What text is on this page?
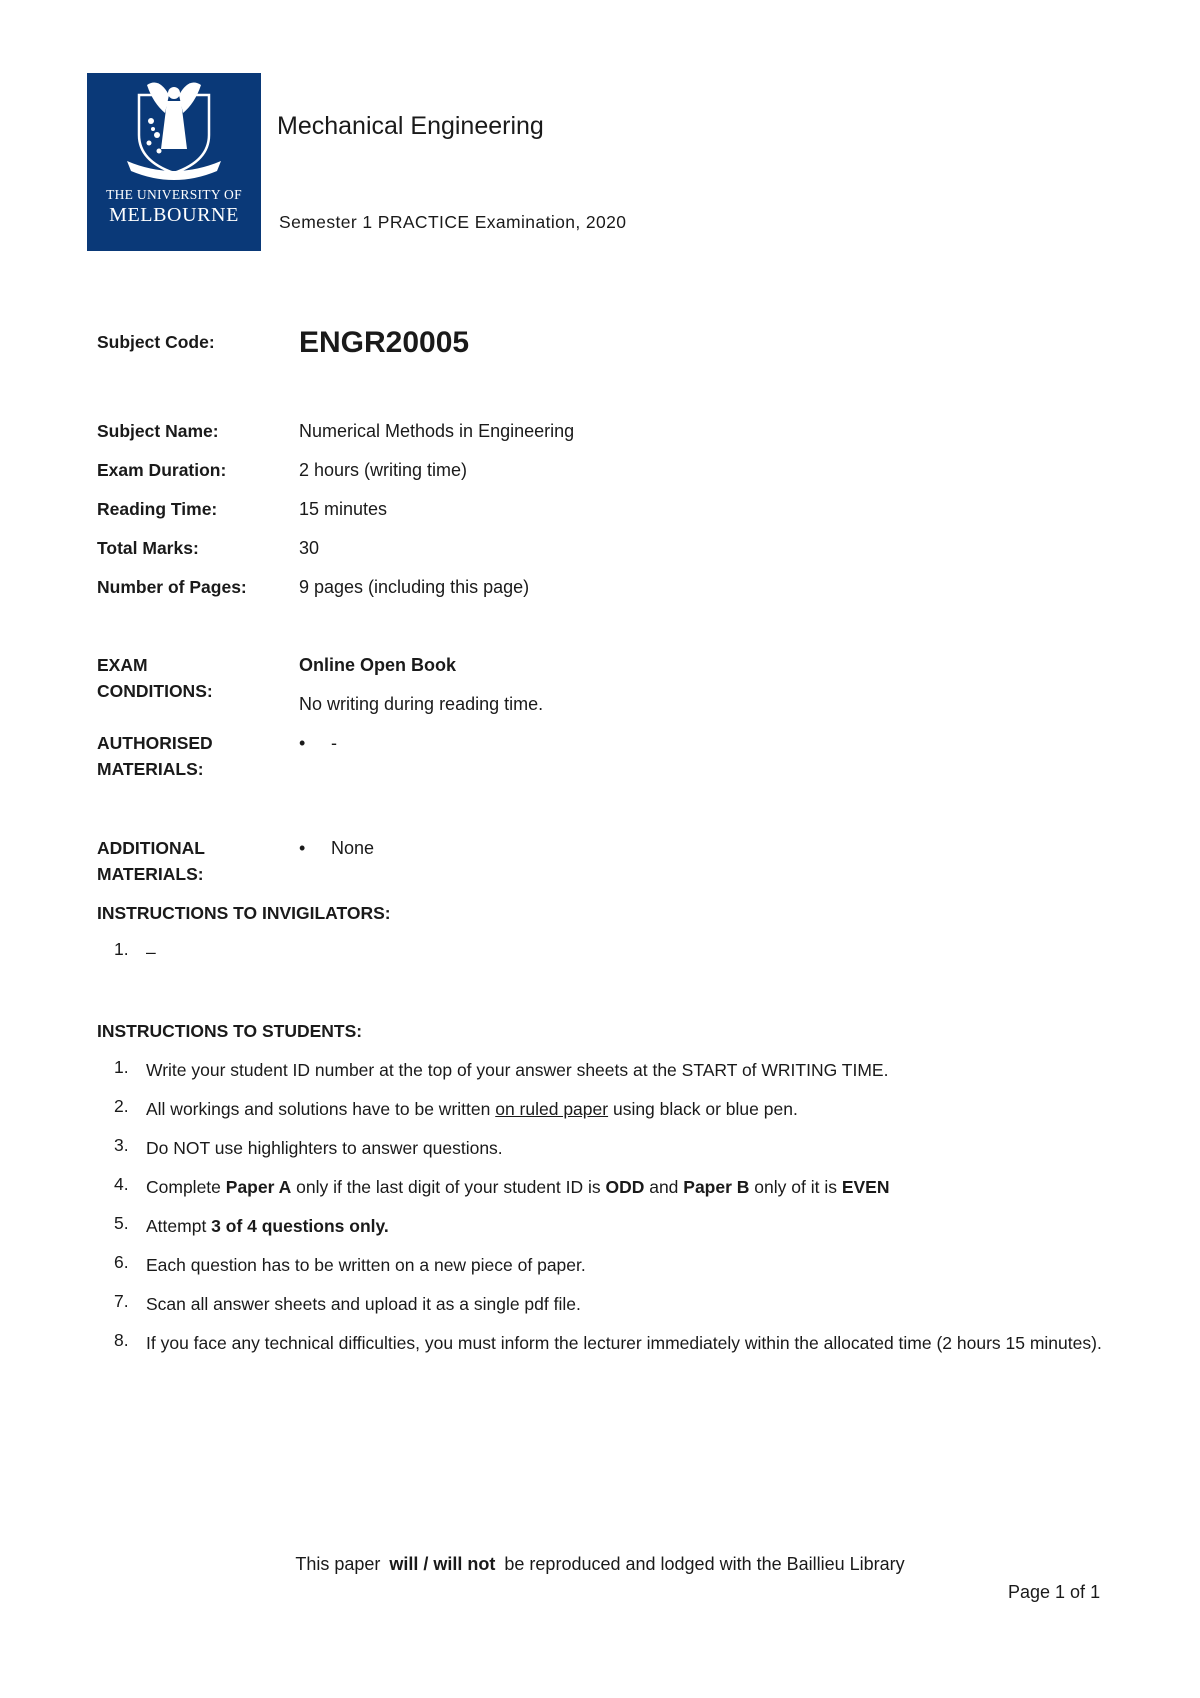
THE UNIVERSITY OF
MELBOURNE
Mechanical Engineering
Semester 1 PRACTICE Examination, 2020
Subject Code:	ENGR20005
Subject Name:	Numerical Methods in Engineering
Exam Duration:	2 hours (writing time)
Reading Time:	15 minutes
Total Marks:	30
Number of Pages:	9 pages (including this page)
EXAM
CONDITIONS:
Online Open Book
No writing during reading time.
AUTHORISED
MATERIALS:
• -
ADDITIONAL
MATERIALS:
• None
INSTRUCTIONS TO INVIGILATORS:
1. –
INSTRUCTIONS TO STUDENTS:
1. Write your student ID number at the top of your answer sheets at the START of WRITING TIME.
2. All workings and solutions have to be written on ruled paper using black or blue pen.
3. Do NOT use highlighters to answer questions.
4. Complete Paper A only if the last digit of your student ID is ODD and Paper B only of it is EVEN
5. Attempt 3 of 4 questions only.
6. Each question has to be written on a new piece of paper.
7. Scan all answer sheets and upload it as a single pdf file.
8. If you face any technical difficulties, you must inform the lecturer immediately within the allocated time (2 hours 15 minutes).
This paper will / will not be reproduced and lodged with the Baillieu Library
Page 1 of 1
